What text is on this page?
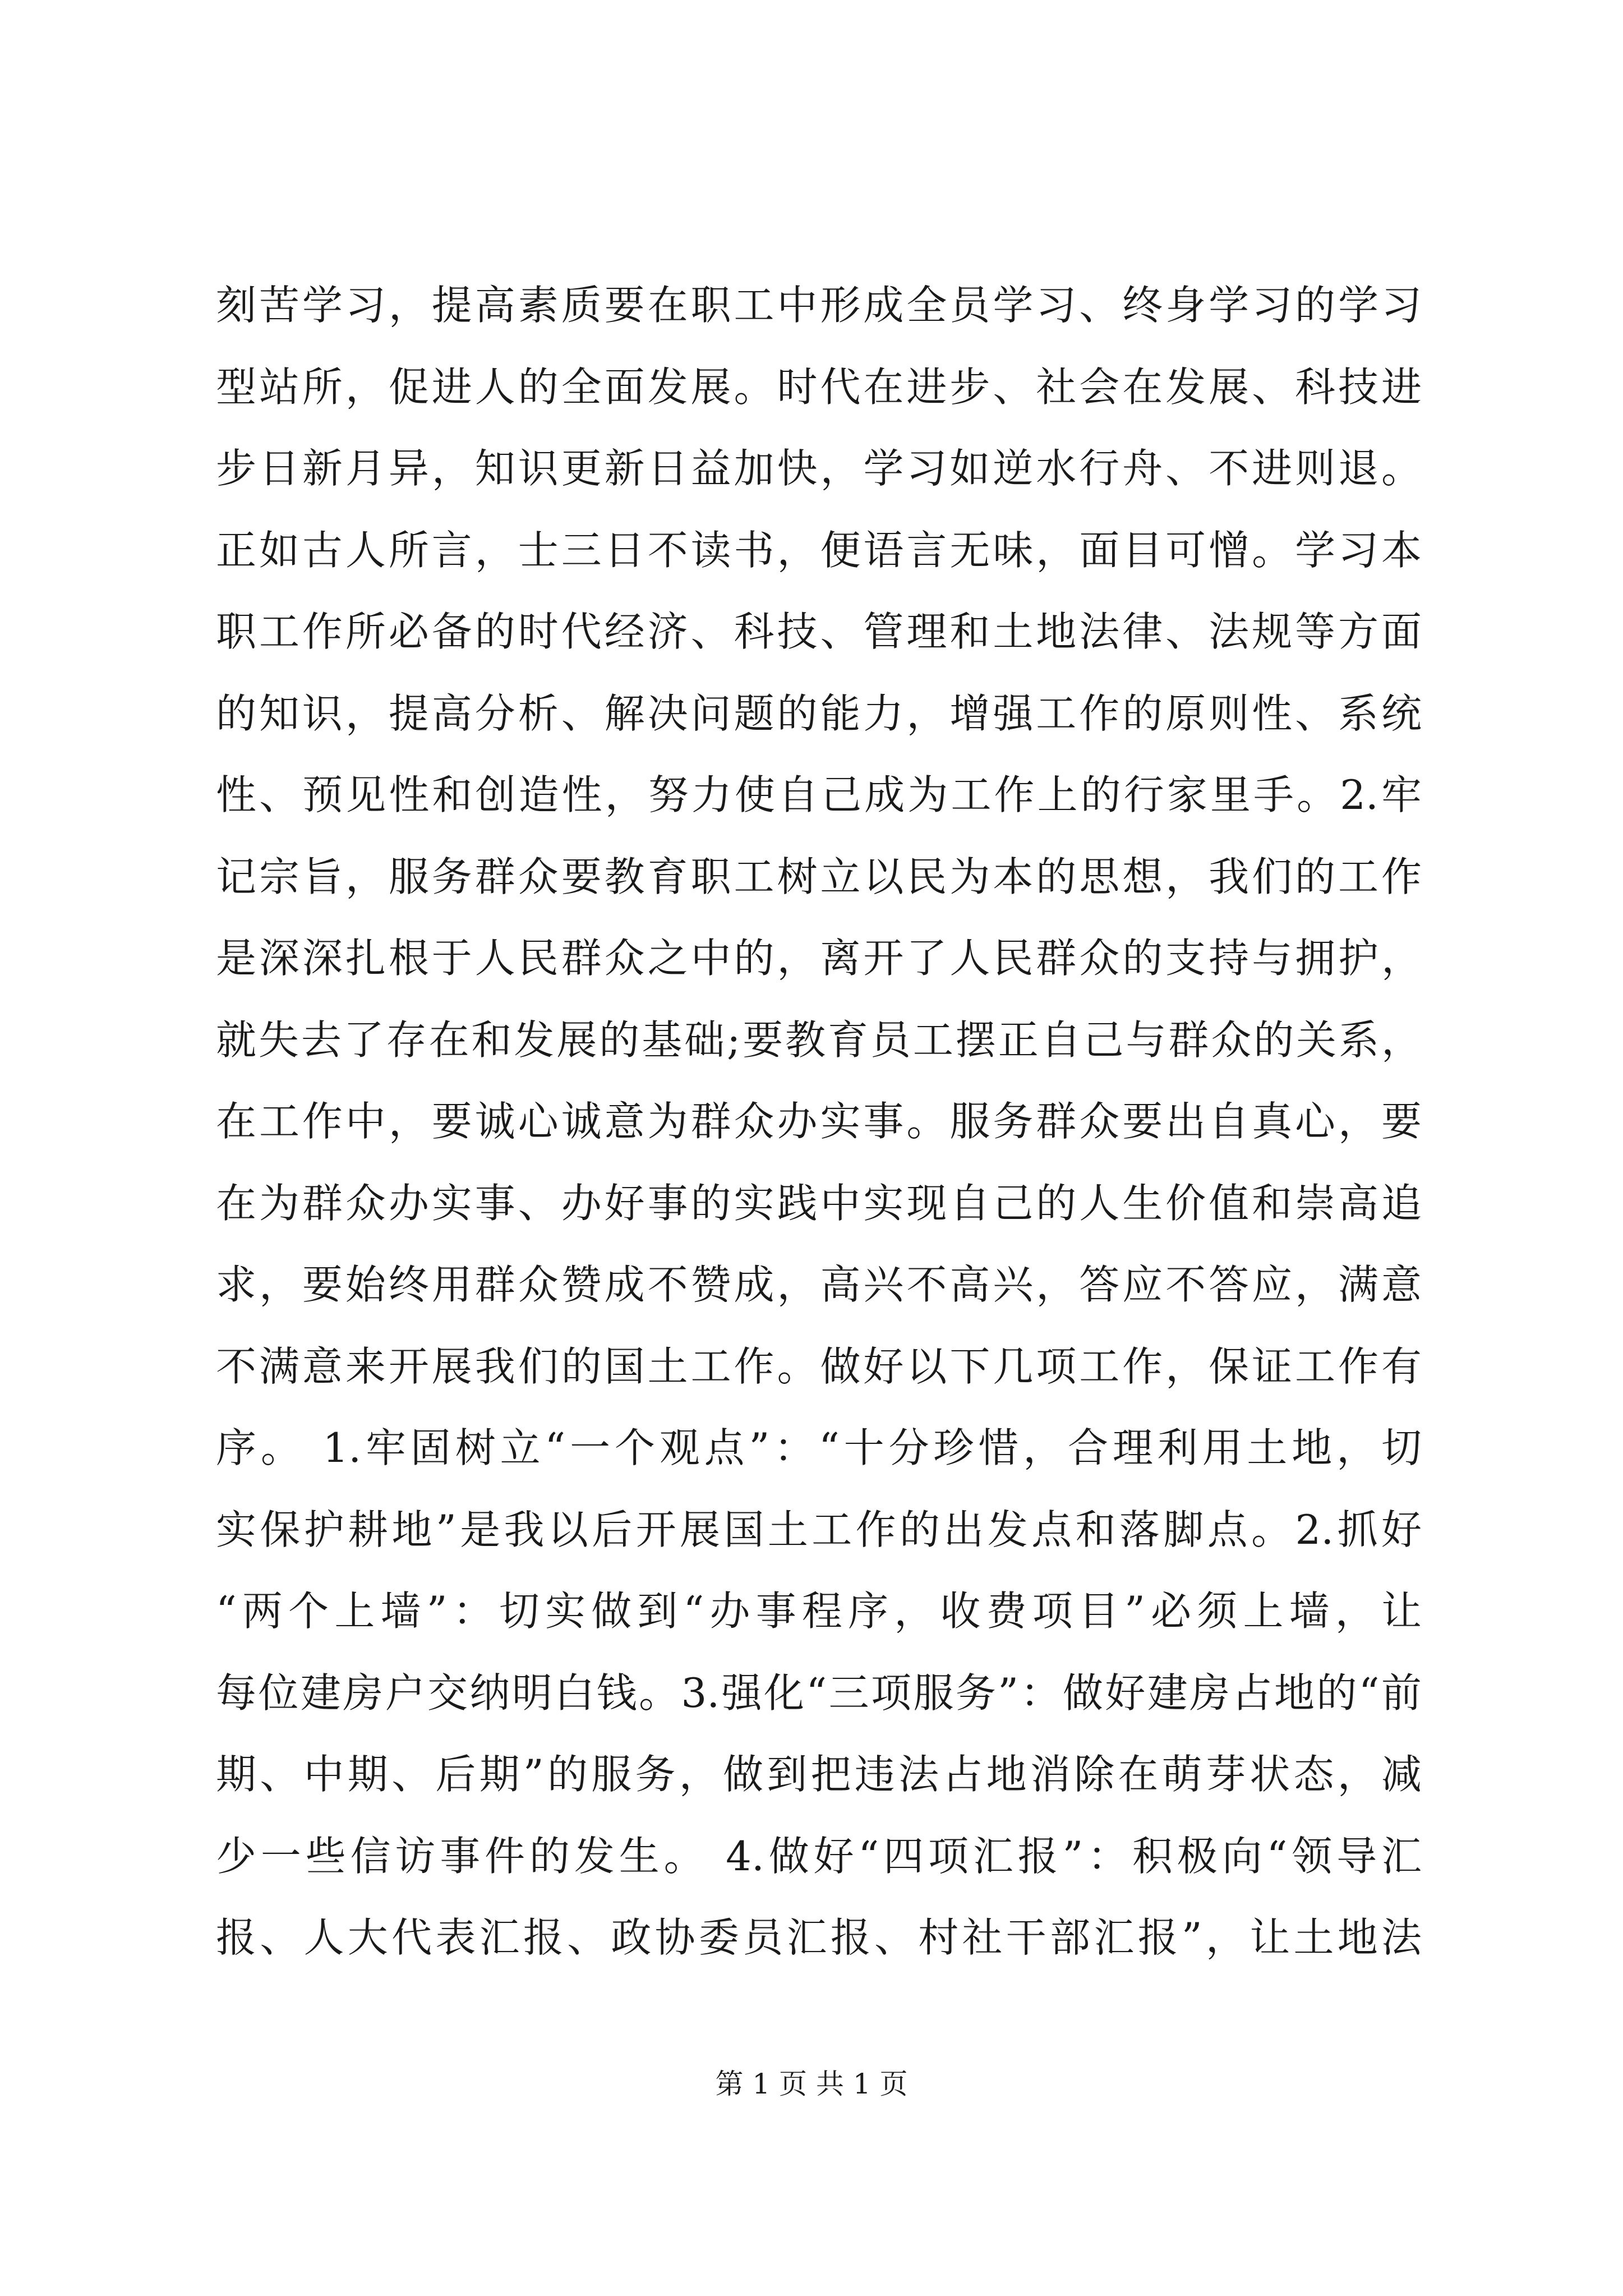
刻苦学习，提高素质要在职工中形成全员学习、终身学习的学习
型站所，促进人的全面发展。时代在进步、社会在发展、科技进
步日新月异，知识更新日益加快，学习如逆水行舟、不进则退。
正如古人所言，士三日不读书，便语言无味，面目可憎。学习本
职工作所必备的时代经济、科技、管理和土地法律、法规等方面
的知识，提高分析、解决问题的能力，增强工作的原则性、系统
性、预见性和创造性，努力使自己成为工作上的行家里手。2.牢
记宗旨，服务群众要教育职工树立以民为本的思想，我们的工作
是深深扎根于人民群众之中的，离开了人民群众的支持与拥护，
就失去了存在和发展的基础;要教育员工摆正自己与群众的关系，
在工作中，要诚心诚意为群众办实事。服务群众要出自真心，要
在为群众办实事、办好事的实践中实现自己的人生价值和崇高追
求，要始终用群众赞成不赞成，高兴不高兴，答应不答应，满意
不满意来开展我们的国土工作。做好以下几项工作，保证工作有
序。 1.牢固树立“一个观点”：“十分珍惜，合理利用土地，切
实保护耕地”是我以后开展国土工作的出发点和落脚点。2.抓好
“两个上墙”：切实做到“办事程序，收费项目”必须上墙，让
每位建房户交纳明白钱。3.强化“三项服务”：做好建房占地的“前
期、中期、后期”的服务，做到把违法占地消除在萌芽状态，减
少一些信访事件的发生。 4.做好“四项汇报”：积极向“领导汇
报、人大代表汇报、政协委员汇报、村社干部汇报”，让土地法
第 1 页 共 1 页
